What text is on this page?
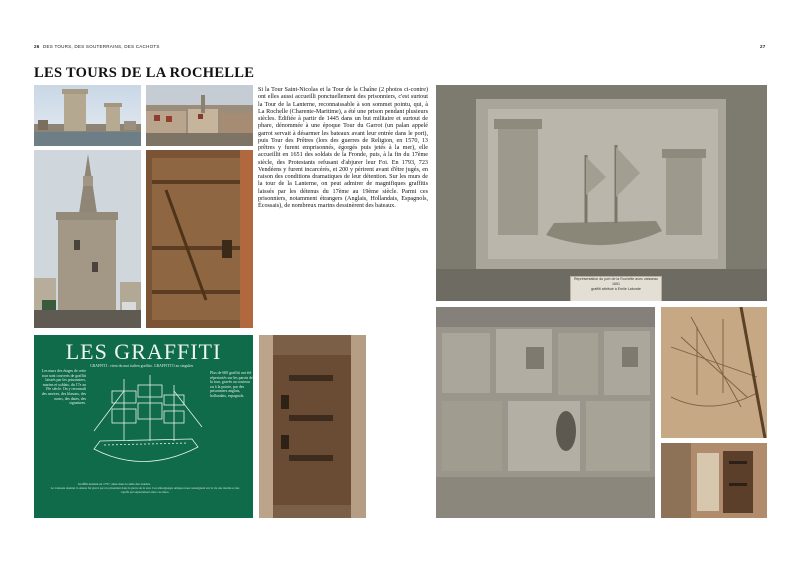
26 DES TOURS, DES SOUTERRAINS, DES CACHOTS	27
LES TOURS DE LA ROCHELLE

Si la Tour Saint-Nicolas et la Tour de la Chaîne (2 photos ci-contre) ont elles aussi accueilli ponctuellement des prisonniers, c'est surtout la Tour de la Lanterne, reconnaissable à son sommet pointu, qui, à La Rochelle (Charente-Maritime), a été une prison pendant plusieurs siècles. Édifiée à partir de 1445 dans un but militaire et surtout de phare, dénommée à une époque Tour du Garrot (un palan appelé garrot servait à désarmer les bateaux avant leur entrée dans le port), puis Tour des Prêtres (lors des guerres de Religion, en 1570, 13 prêtres y furent emprisonnés, égorgés puis jetés à la mer), elle accueillit en 1651 des soldats de la Fronde, puis, à la fin du 17ème siècle, des Protestants refusant d'abjurer leur Foi. En 1793, 723 Vendéens y furent incarcérés, et 200 y périrent avant d'être jugés, en raison des conditions dramatiques de leur détention. Sur les murs de la tour de la Lanterne, on peut admirer de magnifiques graffitis laissés par les détenus du 17ème au 19ème siècle. Parmi ces prisonniers, notamment étrangers (Anglais, Hollandais, Espagnols, Écossais), de nombreux marins dessinèrent des bateaux.

LES GRAFFITI
GRAFFITI : vient du mot italien graffito. GRAFFITTO au singulier
Les murs des étages de cette tour sont couverts de graffiti laissés par les prisonniers, marins et soldats, du 17e au 19e siècle. On y reconnaît des navires, des blasons, des noms, des dates, des signatures.
Plus de 600 graffiti ont été répertoriés sur les parois de la tour, gravés au couteau ou à la pointe, par des prisonniers anglais, hollandais, espagnols.
Graffiti dessiné en 1757, situé dans la salle des Gardes.
Le vaisseau dessiné ci-dessus fut gravé par un prisonnier dans la pierre de la tour. Ces témoignages uniques nous renseignent sur la vie des marins et des captifs qui séjournèrent entre ces murs.
Représentation du port de la Rochelle avec vaisseau
1651
graffiti attribué à Emile Laborde
